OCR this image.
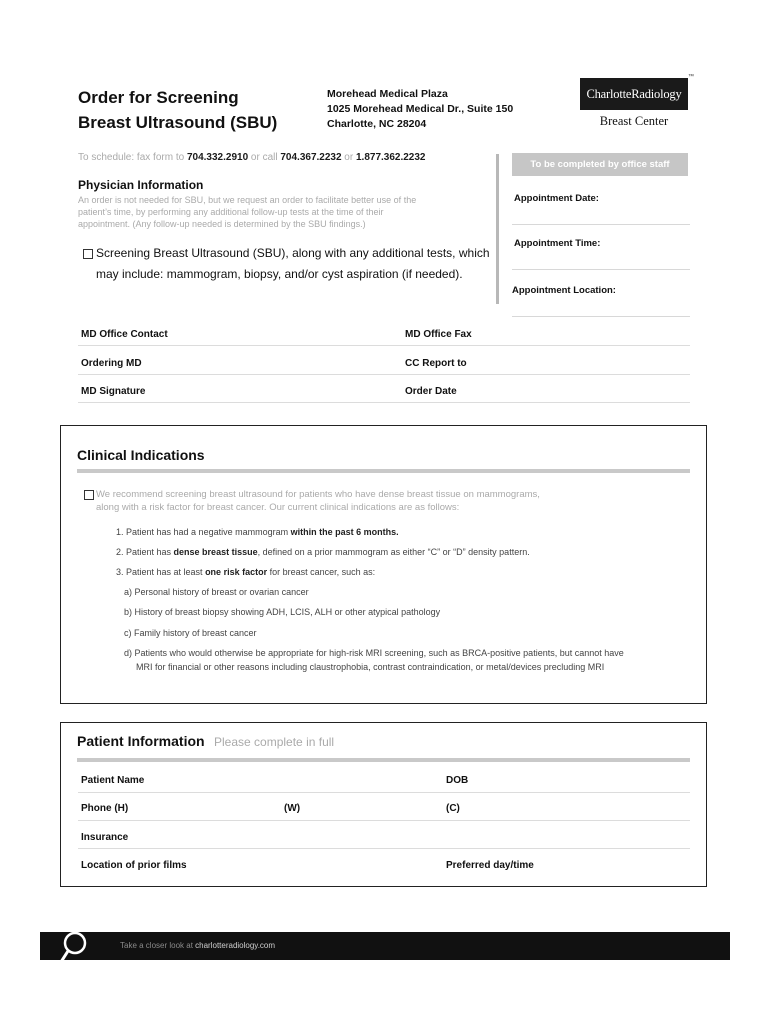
Order for Screening
Breast Ultrasound (SBU)
Morehead Medical Plaza
1025 Morehead Medical Dr., Suite 150
Charlotte, NC 28204
CharlotteRadiology
™
Breast Center
To schedule: fax form to 704.332.2910 or call 704.367.2232 or 1.877.362.2232
To be completed by office staff
Appointment Date:
Appointment Time:
Appointment Location:
Physician Information
An order is not needed for SBU, but we request an order to facilitate better use of the
patient’s time, by performing any additional follow-up tests at the time of their
appointment. (Any follow-up needed is determined by the SBU findings.)
Screening Breast Ultrasound (SBU), along with any additional tests, which
may include: mammogram, biopsy, and/or cyst aspiration (if needed).
MD Office Contact	MD Office Fax
Ordering MD	CC Report to
MD Signature	Order Date
Clinical Indications
We recommend screening breast ultrasound for patients who have dense breast tissue on mammograms,
along with a risk factor for breast cancer. Our current clinical indications are as follows:
1. Patient has had a negative mammogram within the past 6 months.
2. Patient has dense breast tissue, defined on a prior mammogram as either “C” or “D” density pattern.
3. Patient has at least one risk factor for breast cancer, such as:
a) Personal history of breast or ovarian cancer
b) History of breast biopsy showing ADH, LCIS, ALH or other atypical pathology
c) Family history of breast cancer
d) Patients who would otherwise be appropriate for high-risk MRI screening, such as BRCA-positive patients, but cannot have
MRI for financial or other reasons including claustrophobia, contrast contraindication, or metal/devices precluding MRI
Patient Information Please complete in full
Patient Name	DOB
Phone (H)	(W)	(C)
Insurance
Location of prior films	Preferred day/time
Take a closer look at charlotteradiology.com
